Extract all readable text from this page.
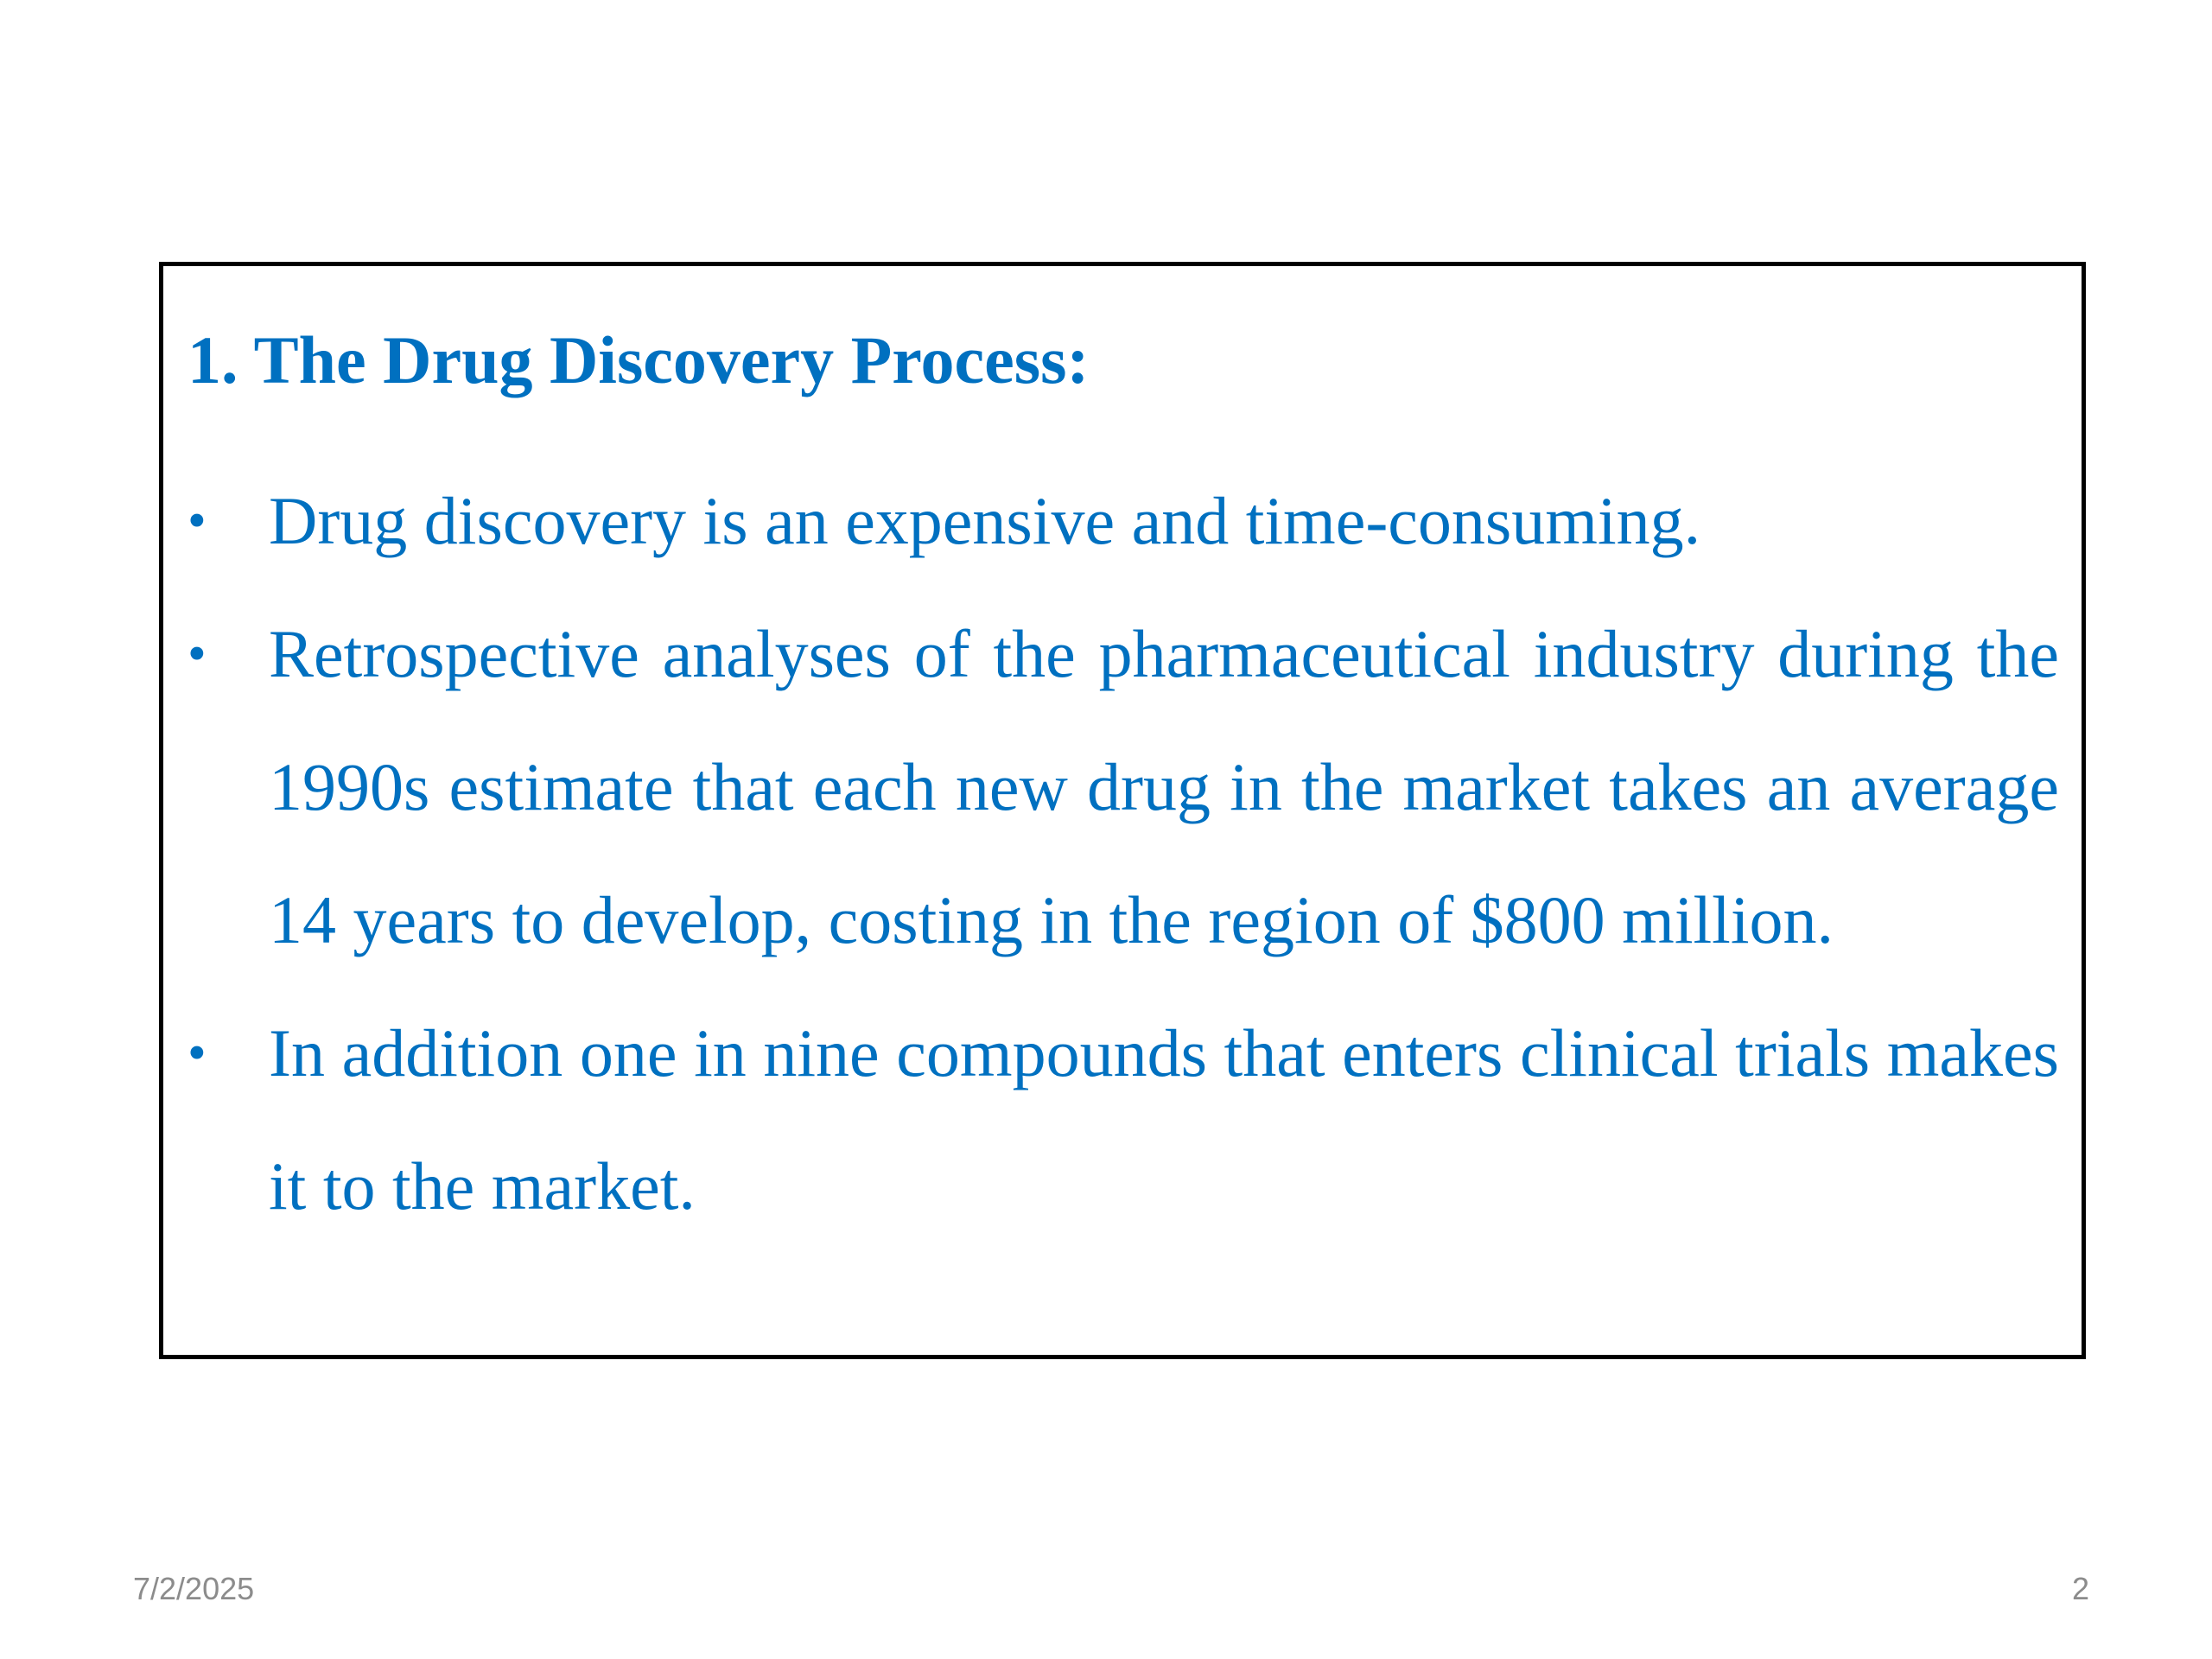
1. The Drug Discovery Process:
• Drug discovery is an expensive and time-consuming.
• Retrospective analyses of the pharmaceutical industry during the 1990s estimate that each new drug in the market takes an average 14 years to develop, costing in the region of $800 million.
• In addition one in nine compounds that enters clinical trials makes it to the market.
7/2/2025	2
